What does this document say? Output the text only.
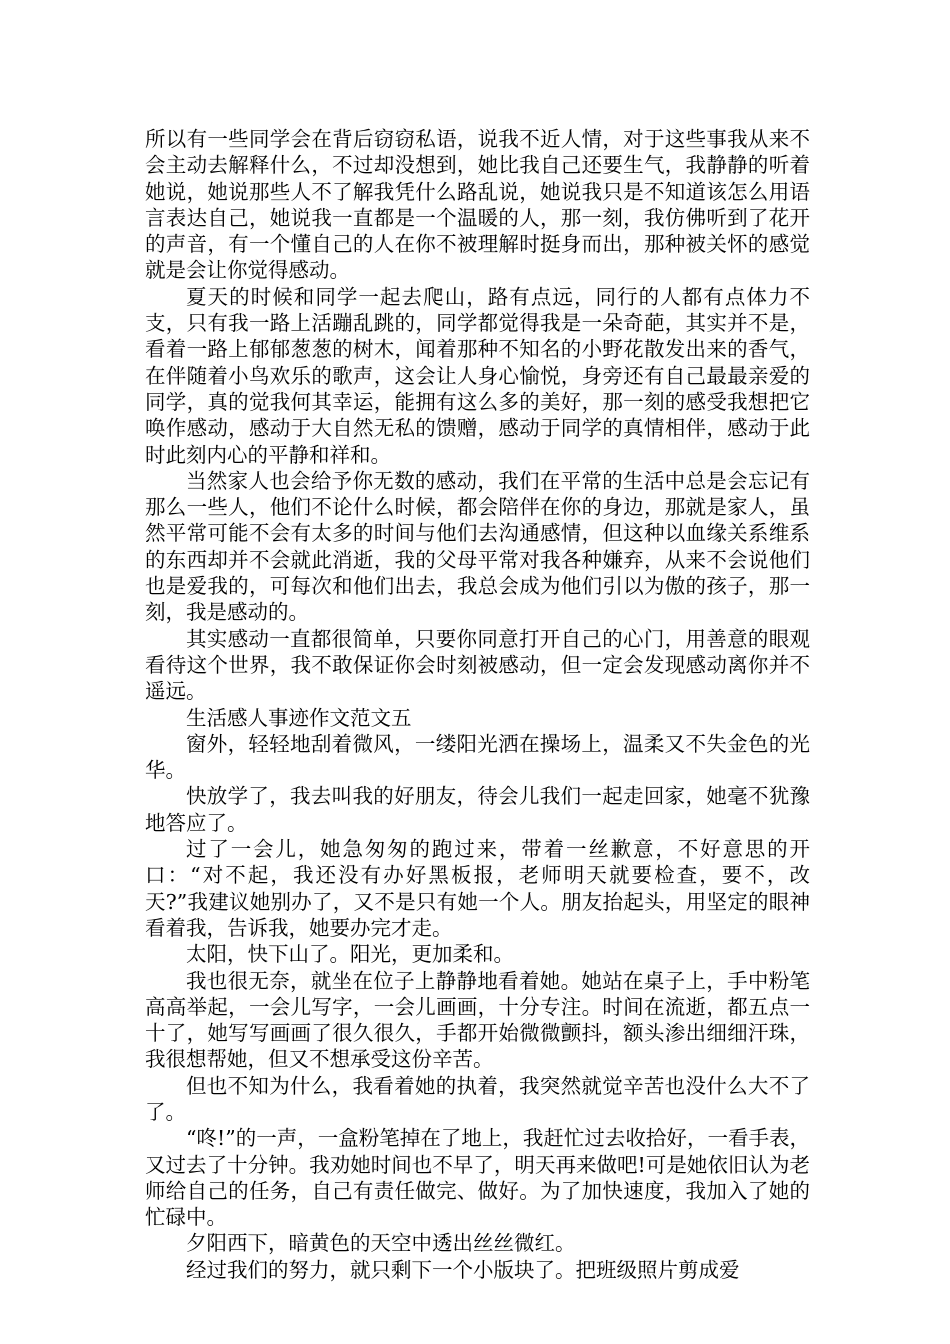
所以有一些同学会在背后窃窃私语，说我不近人情，对于这些事我从来不会主动去解释什么，不过却没想到，她比我自己还要生气，我静静的听着她说，她说那些人不了解我凭什么路乱说，她说我只是不知道该怎么用语言表达自己，她说我一直都是一个温暖的人，那一刻，我仿佛听到了花开的声音，有一个懂自己的人在你不被理解时挺身而出，那种被关怀的感觉就是会让你觉得感动。

夏天的时候和同学一起去爬山，路有点远，同行的人都有点体力不支，只有我一路上活蹦乱跳的，同学都觉得我是一朵奇葩，其实并不是，看着一路上郁郁葱葱的树木，闻着那种不知名的小野花散发出来的香气，在伴随着小鸟欢乐的歌声，这会让人身心愉悦，身旁还有自己最最亲爱的同学，真的觉我何其幸运，能拥有这么多的美好，那一刻的感受我想把它唤作感动，感动于大自然无私的馈赠，感动于同学的真情相伴，感动于此时此刻内心的平静和祥和。

当然家人也会给予你无数的感动，我们在平常的生活中总是会忘记有那么一些人，他们不论什么时候，都会陪伴在你的身边，那就是家人，虽然平常可能不会有太多的时间与他们去沟通感情，但这种以血缘关系维系的东西却并不会就此消逝，我的父母平常对我各种嫌弃，从来不会说他们也是爱我的，可每次和他们出去，我总会成为他们引以为傲的孩子，那一刻，我是感动的。

其实感动一直都很简单，只要你同意打开自己的心门，用善意的眼观看待这个世界，我不敢保证你会时刻被感动，但一定会发现感动离你并不遥远。

生活感人事迹作文范文五

窗外，轻轻地刮着微风，一缕阳光洒在操场上，温柔又不失金色的光华。

快放学了，我去叫我的好朋友，待会儿我们一起走回家，她毫不犹豫地答应了。

过了一会儿，她急匆匆的跑过来，带着一丝歉意，不好意思的开口：“对不起，我还没有办好黑板报，老师明天就要检查，要不，改天?”我建议她别办了，又不是只有她一个人。朋友抬起头，用坚定的眼神看着我，告诉我，她要办完才走。

太阳，快下山了。阳光，更加柔和。

我也很无奈，就坐在位子上静静地看着她。她站在桌子上，手中粉笔高高举起，一会儿写字，一会儿画画，十分专注。时间在流逝，都五点一十了，她写写画画了很久很久，手都开始微微颤抖，额头渗出细细汗珠，我很想帮她，但又不想承受这份辛苦。

但也不知为什么，我看着她的执着，我突然就觉辛苦也没什么大不了了。

“咚!”的一声，一盒粉笔掉在了地上，我赶忙过去收拾好，一看手表，又过去了十分钟。我劝她时间也不早了，明天再来做吧!可是她依旧认为老师给自己的任务，自己有责任做完、做好。为了加快速度，我加入了她的忙碌中。

夕阳西下，暗黄色的天空中透出丝丝微红。

经过我们的努力，就只剩下一个小版块了。把班级照片剪成爱
